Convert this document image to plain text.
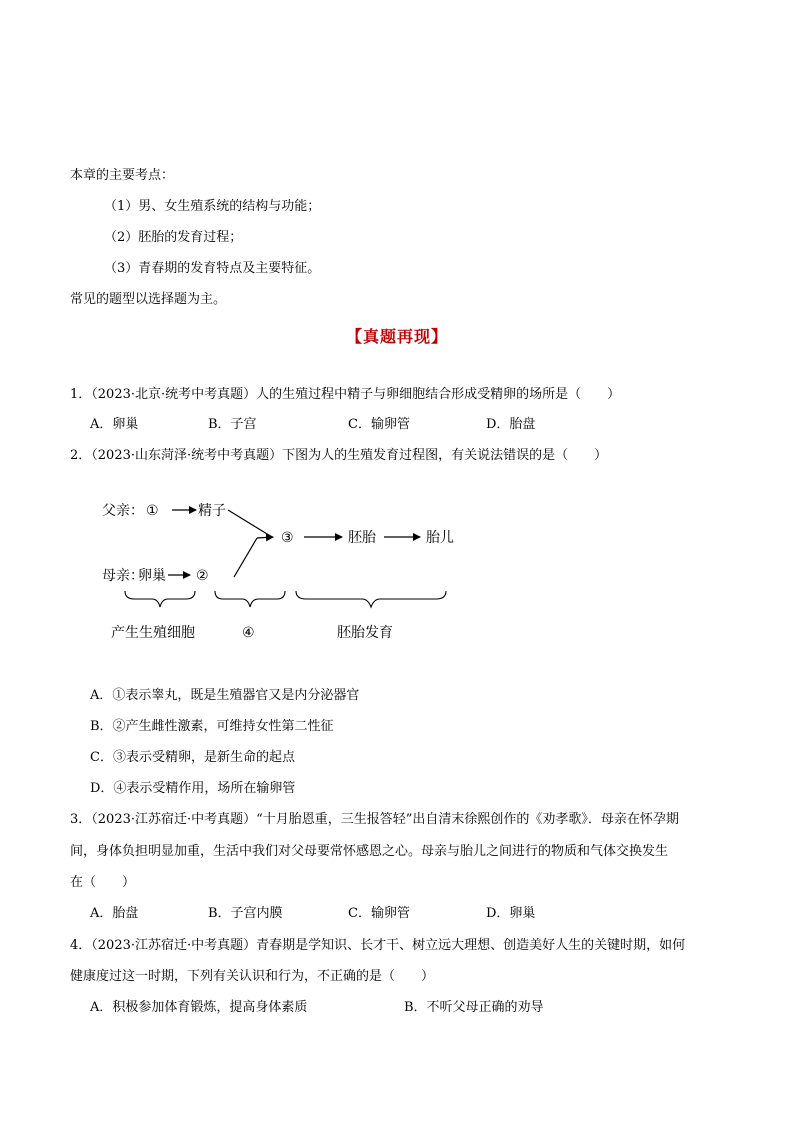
本章的主要考点：
（1）男、女生殖系统的结构与功能；
（2）胚胎的发育过程；
（3）青春期的发育特点及主要特征。
常见的题型以选择题为主。
【真题再现】
1．（2023·北京·统考中考真题）人的生殖过程中精子与卵细胞结合形成受精卵的场所是（　　）
A．卵巢	B．子宫	C．输卵管	D．胎盘
2．（2023·山东菏泽·统考中考真题）下图为人的生殖发育过程图，有关说法错误的是（　　）
父亲： ①	精子
③	胚胎	胎儿
母亲：
卵巢 ②
产生生殖细胞	④	胚胎发育
A．①表示睾丸，既是生殖器官又是内分泌器官
B．②产生雌性激素，可维持女性第二性征
C．③表示受精卵，是新生命的起点
D．④表示受精作用，场所在输卵管
3．（2023·江苏宿迁·中考真题）“十月胎恩重，三生报答轻”出自清末徐熙创作的《劝孝歌》．母亲在怀孕期
间，身体负担明显加重，生活中我们对父母要常怀感恩之心。母亲与胎儿之间进行的物质和气体交换发生
在（　　）
A．胎盘	B．子宫内膜	C．输卵管	D．卵巢
4．（2023·江苏宿迁·中考真题）青春期是学知识、长才干、树立远大理想、创造美好人生的关键时期，如何
健康度过这一时期，下列有关认识和行为，不正确的是（　　）
A．积极参加体育锻炼，提高身体素质	B．不听父母正确的劝导
